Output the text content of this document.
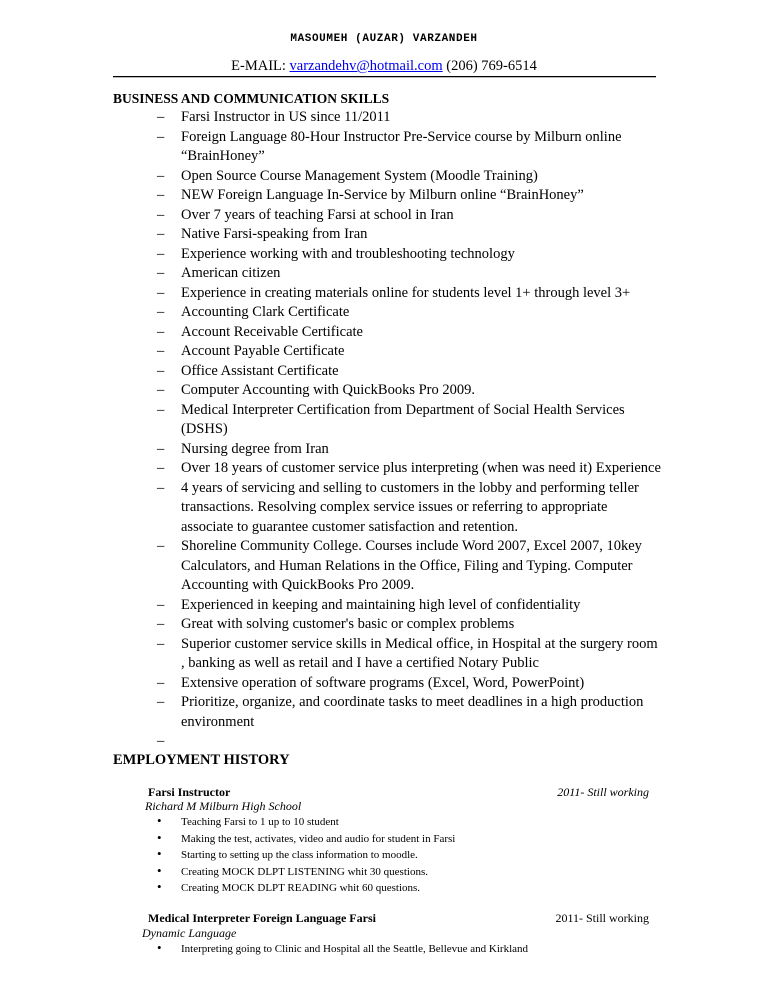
MASOUMEH (AUZAR) VARZANDEH
E-MAIL: varzandehv@hotmail.com (206) 769-6514
BUSINESS AND COMMUNICATION SKILLS
– Farsi Instructor in US since 11/2011
– Foreign Language 80-Hour Instructor Pre-Service course by Milburn online “BrainHoney”
– Open Source Course Management System (Moodle Training)
– NEW Foreign Language In-Service by Milburn online “BrainHoney”
– Over 7 years of teaching Farsi at school in Iran
– Native Farsi-speaking from Iran
– Experience working with and troubleshooting technology
– American citizen
– Experience in creating materials online for students level 1+ through level 3+
– Accounting Clark Certificate
– Account Receivable Certificate
– Account Payable Certificate
– Office Assistant Certificate
– Computer Accounting with QuickBooks Pro 2009.
– Medical Interpreter Certification from Department of Social Health Services (DSHS)
– Nursing degree from Iran
– Over 18 years of customer service plus interpreting (when was need it) Experience
– 4 years of servicing and selling to customers in the lobby and performing teller transactions. Resolving complex service issues or referring to appropriate associate to guarantee customer satisfaction and retention.
– Shoreline Community College. Courses include Word 2007, Excel 2007, 10key Calculators, and Human Relations in the Office, Filing and Typing. Computer Accounting with QuickBooks Pro 2009.
– Experienced in keeping and maintaining high level of confidentiality
– Great with solving customer's basic or complex problems
– Superior customer service skills in Medical office, in Hospital at the surgery room , banking as well as retail and I have a certified Notary Public
– Extensive operation of software programs (Excel, Word, PowerPoint)
– Prioritize, organize, and coordinate tasks to meet deadlines in a high production environment
–
EMPLOYMENT HISTORY
Farsi Instructor	2011- Still working
Richard M Milburn High School
• Teaching Farsi to 1 up to 10 student
• Making the test, activates, video and audio for student in Farsi
• Starting to setting up the class information to moodle.
• Creating MOCK DLPT LISTENING whit 30 questions.
• Creating MOCK DLPT READING whit 60 questions.
Medical Interpreter Foreign Language Farsi	2011- Still working
Dynamic Language
• Interpreting going to Clinic and Hospital all the Seattle, Bellevue and Kirkland
